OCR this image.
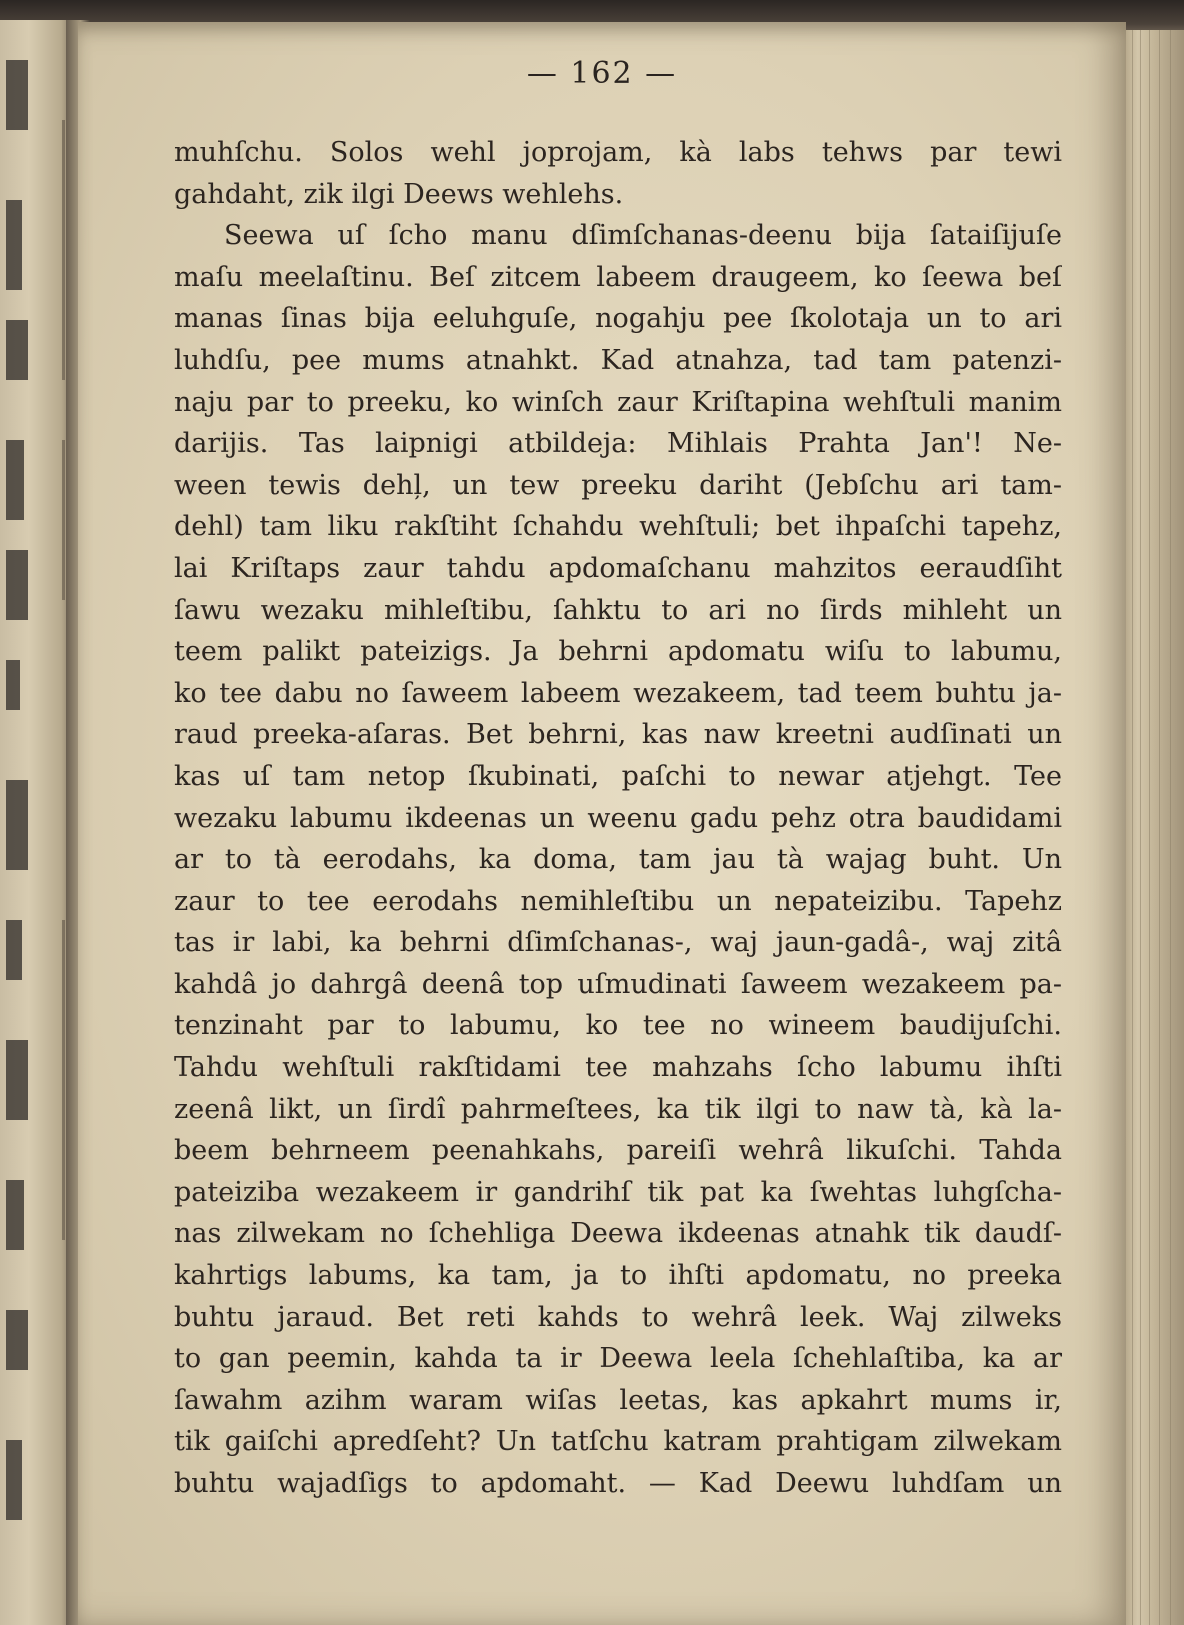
— 162 —
muhſchu. Solos wehl joprojam, kà labs tehws par tewi
gahdaht, zik ilgi Deews wehlehs.
Seewa uſ ſcho manu dſimſchanas-deenu bija ſataiſijuſe
maſu meelaſtinu. Beſ zitcem labeem draugeem, ko ſeewa beſ
manas ſinas bija eeluhguſe, nogahju pee ſkolotaja un to ari
luhdſu, pee mums atnahkt. Kad atnahza, tad tam patenzi-
naju par to preeku, ko winſch zaur Kriſtapina wehſtuli manim
darijis. Tas laipnigi atbildeja: Mihlais Prahta Jan'! Ne-
ween tewis dehļ, un tew preeku dariht (Jebſchu ari tam-
dehl) tam liku rakſtiht ſchahdu wehſtuli; bet ihpaſchi tapehz,
lai Kriſtaps zaur tahdu apdomaſchanu mahzitos eeraudſiht
ſawu wezaku mihleſtibu, ſahktu to ari no ſirds mihleht un
teem palikt pateizigs. Ja behrni apdomatu wiſu to labumu,
ko tee dabu no ſaweem labeem wezakeem, tad teem buhtu ja-
raud preeka-aſaras. Bet behrni, kas naw kreetni audſinati un
kas uſ tam netop ſkubinati, paſchi to newar atjehgt. Tee
wezaku labumu ikdeenas un weenu gadu pehz otra baudidami
ar to tà eerodahs, ka doma, tam jau tà wajag buht. Un
zaur to tee eerodahs nemihleſtibu un nepateizibu. Tapehz
tas ir labi, ka behrni dſimſchanas-, waj jaun-gadâ-, waj zitâ
kahdâ jo dahrgâ deenâ top uſmudinati ſaweem wezakeem pa-
tenzinaht par to labumu, ko tee no wineem baudijuſchi.
Tahdu wehſtuli rakſtidami tee mahzahs ſcho labumu ihſti
zeenâ likt, un ſirdî pahrmeſtees, ka tik ilgi to naw tà, kà la-
beem behrneem peenahkahs, pareiſi wehrâ likuſchi. Tahda
pateiziba wezakeem ir gandrihſ tik pat ka ſwehtas luhgſcha-
nas zilwekam no ſchehliga Deewa ikdeenas atnahk tik daudſ-
kahrtigs labums, ka tam, ja to ihſti apdomatu, no preeka
buhtu jaraud. Bet reti kahds to wehrâ leek. Waj zilweks
to gan peemin, kahda ta ir Deewa leela ſchehlaſtiba, ka ar
ſawahm azihm waram wiſas leetas, kas apkahrt mums ir,
tik gaiſchi apredſeht? Un tatſchu katram prahtigam zilwekam
buhtu wajadſigs to apdomaht. — Kad Deewu luhdſam un
